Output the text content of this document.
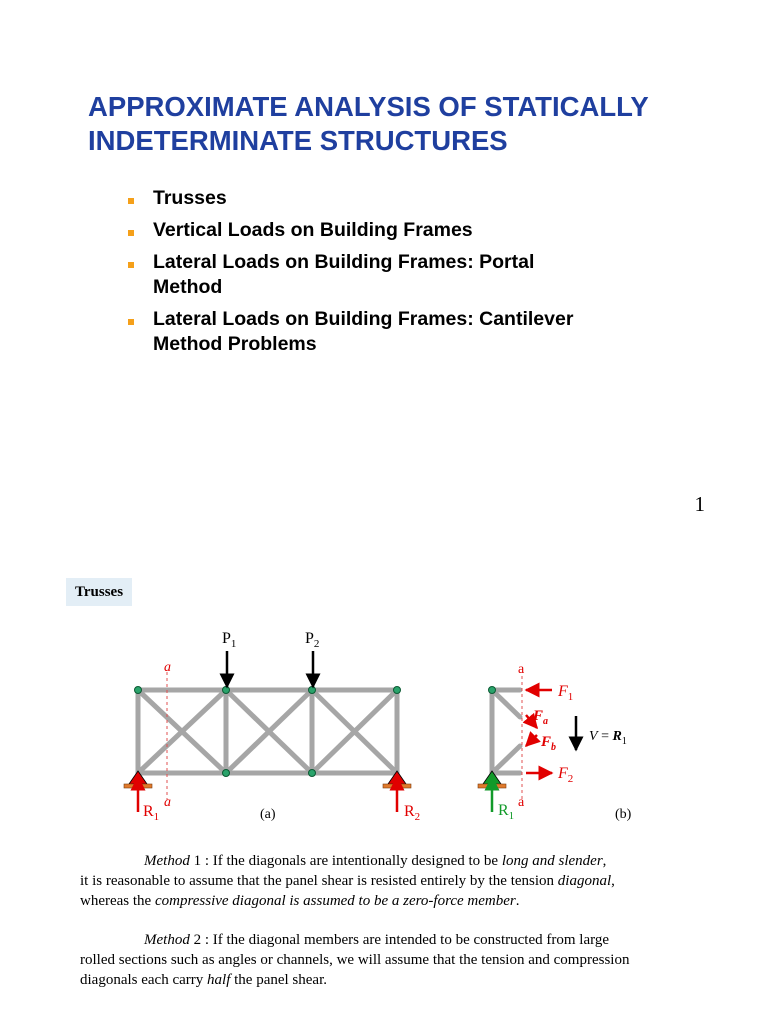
APPROXIMATE ANALYSIS OF STATICALLY
INDETERMINATE STRUCTURES
Trusses
Vertical Loads on Building Frames
Lateral Loads on Building Frames: Portal
Method
Lateral Loads on Building Frames: Cantilever
Method Problems
1
Trusses
a
a
$P_1$	$P_2$
$R_1$	$R_2$
(a)
a
a
$F_1$
$F_a$
$F_b$
$F_2$
$V = R_1$
$R_1$	(b)

Method 1 : If the diagonals are intentionally designed to be long and slender,
it is reasonable to assume that the panel shear is resisted entirely by the tension diagonal,
whereas the compressive diagonal is assumed to be a zero-force member.

Method 2 : If the diagonal members are intended to be constructed from large
rolled sections such as angles or channels, we will assume that the tension and compression
diagonals each carry half the panel shear.
